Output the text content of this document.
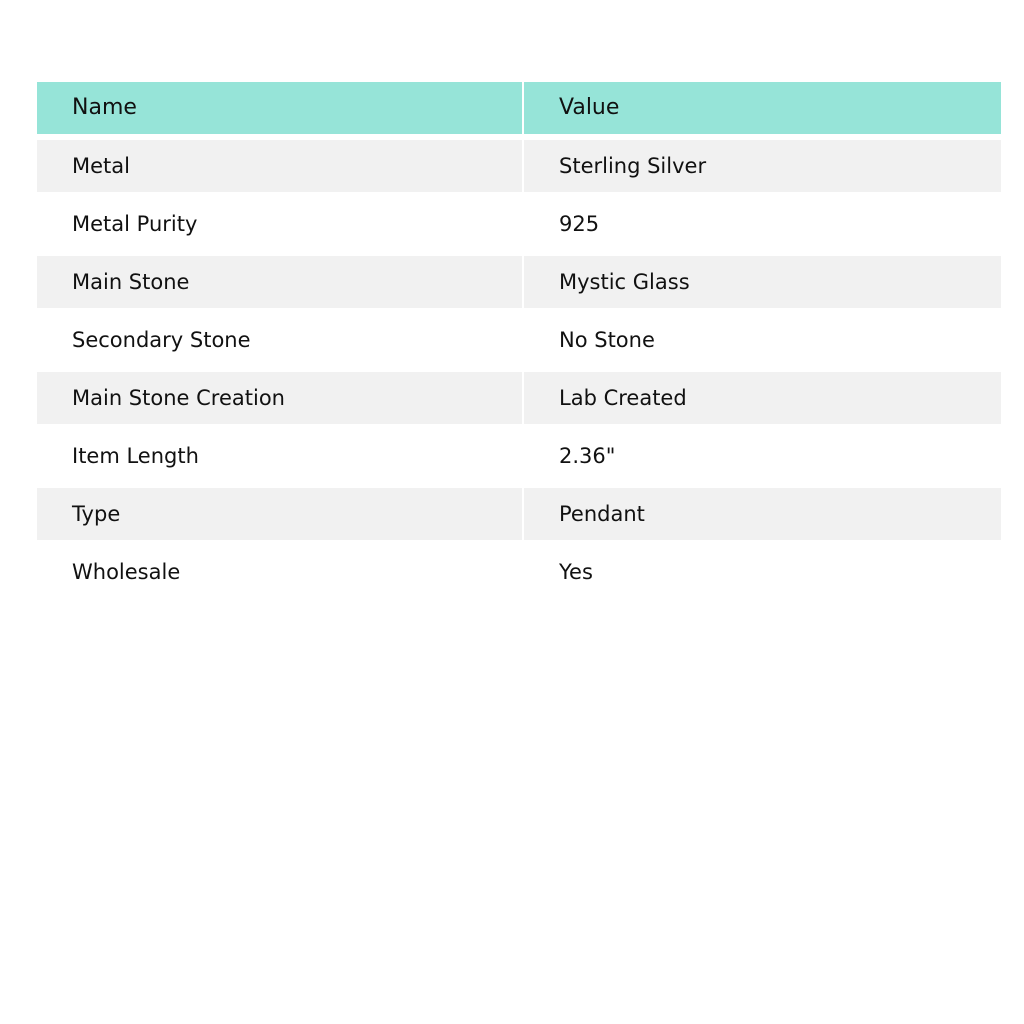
Name	Value
Metal	Sterling Silver
Metal Purity	925
Main Stone	Mystic Glass
Secondary Stone	No Stone
Main Stone Creation	Lab Created
Item Length	2.36"
Type	Pendant
Wholesale	Yes
